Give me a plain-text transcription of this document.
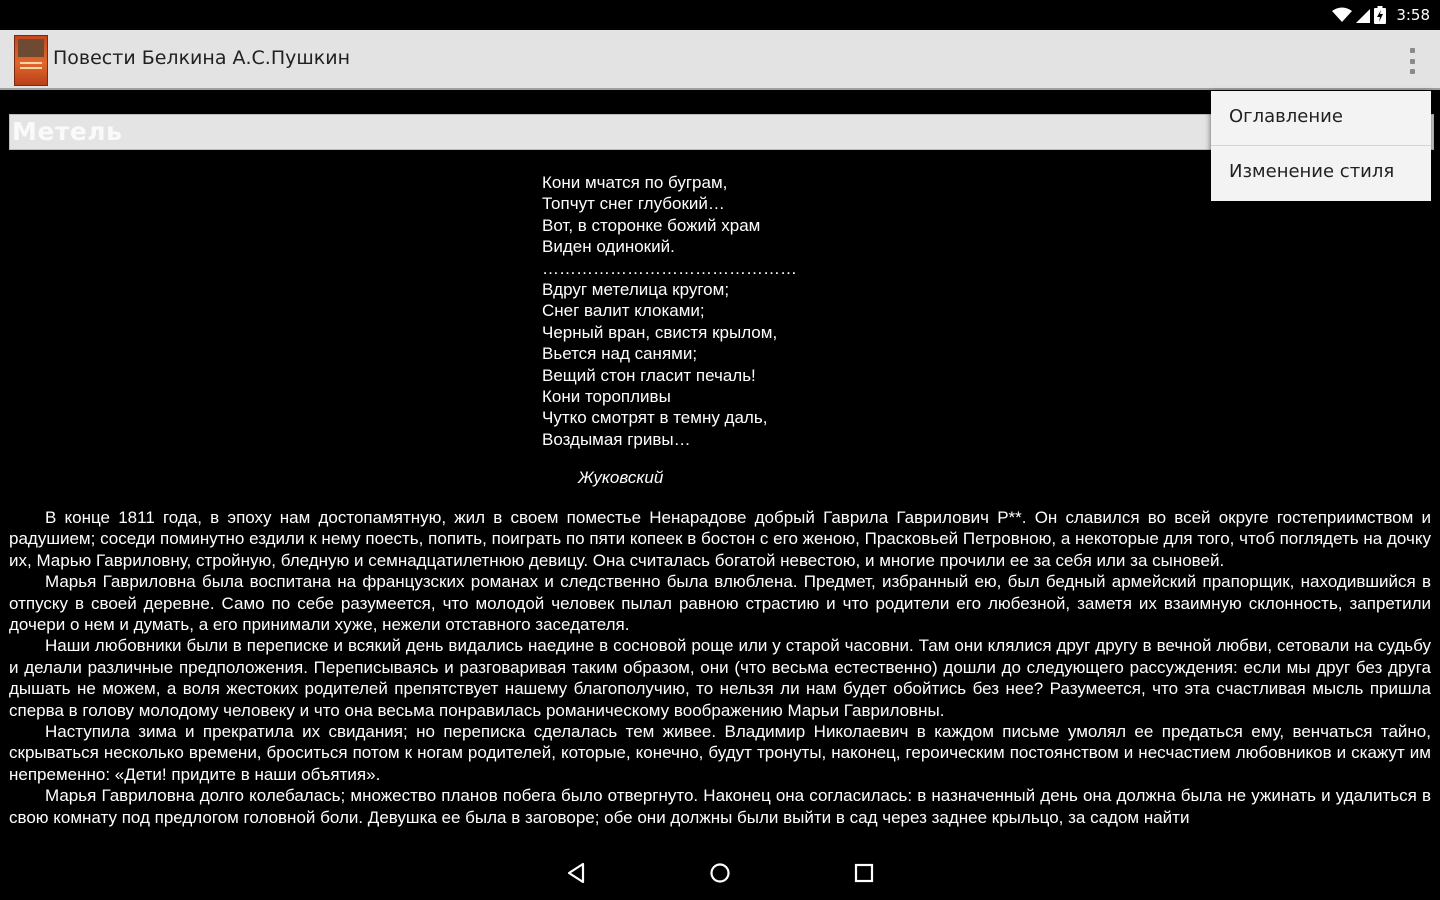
3:58
Повести Белкина А.С.Пушкин
Метель
Кони мчатся по буграм,
Топчут снег глубокий…
Вот, в сторонке божий храм
Виден одинокий.
………………………………………
Вдруг метелица кругом;
Снег валит клоками;
Черный вран, свистя крылом,
Вьется над санями;
Вещий стон гласит печаль!
Кони торопливы
Чутко смотрят в темну даль,
Воздымая гривы…
Жуковский

В конце 1811 года, в эпоху нам достопамятную, жил в своем поместье Ненарадове добрый Гаврила Гаврилович Р**. Он славился во всей округе гостеприимством и радушием; соседи поминутно ездили к нему поесть, попить, поиграть по пяти копеек в бостон с его женою, Прасковьей Петровною, а некоторые для того, чтоб поглядеть на дочку их, Марью Гавриловну, стройную, бледную и семнадцатилетнюю девицу. Она считалась богатой невестою, и многие прочили ее за себя или за сыновей.

Марья Гавриловна была воспитана на французских романах и следственно была влюблена. Предмет, избранный ею, был бедный армейский прапорщик, находившийся в отпуску в своей деревне. Само по себе разумеется, что молодой человек пылал равною страстию и что родители его любезной, заметя их взаимную склонность, запретили дочери о нем и думать, а его принимали хуже, нежели отставного заседателя.

Наши любовники были в переписке и всякий день видались наедине в сосновой роще или у старой часовни. Там они клялися друг другу в вечной любви, сетовали на судьбу и делали различные предположения. Переписываясь и разговаривая таким образом, они (что весьма естественно) дошли до следующего рассуждения: если мы друг без друга дышать не можем, а воля жестоких родителей препятствует нашему благополучию, то нельзя ли нам будет обойтись без нее? Разумеется, что эта счастливая мысль пришла сперва в голову молодому человеку и что она весьма понравилась романическому воображению Марьи Гавриловны.

Наступила зима и прекратила их свидания; но переписка сделалась тем живее. Владимир Николаевич в каждом письме умолял ее предаться ему, венчаться тайно, скрываться несколько времени, броситься потом к ногам родителей, которые, конечно, будут тронуты, наконец, героическим постоянством и несчастием любовников и скажут им непременно: «Дети! придите в наши объятия».

Марья Гавриловна долго колебалась; множество планов побега было отвергнуто. Наконец она согласилась: в назначенный день она должна была не ужинать и удалиться в свою комнату под предлогом головной боли. Девушка ее была в заговоре; обе они должны были выйти в сад через заднее крыльцо, за садом найти

Оглавление
Изменение стиля
